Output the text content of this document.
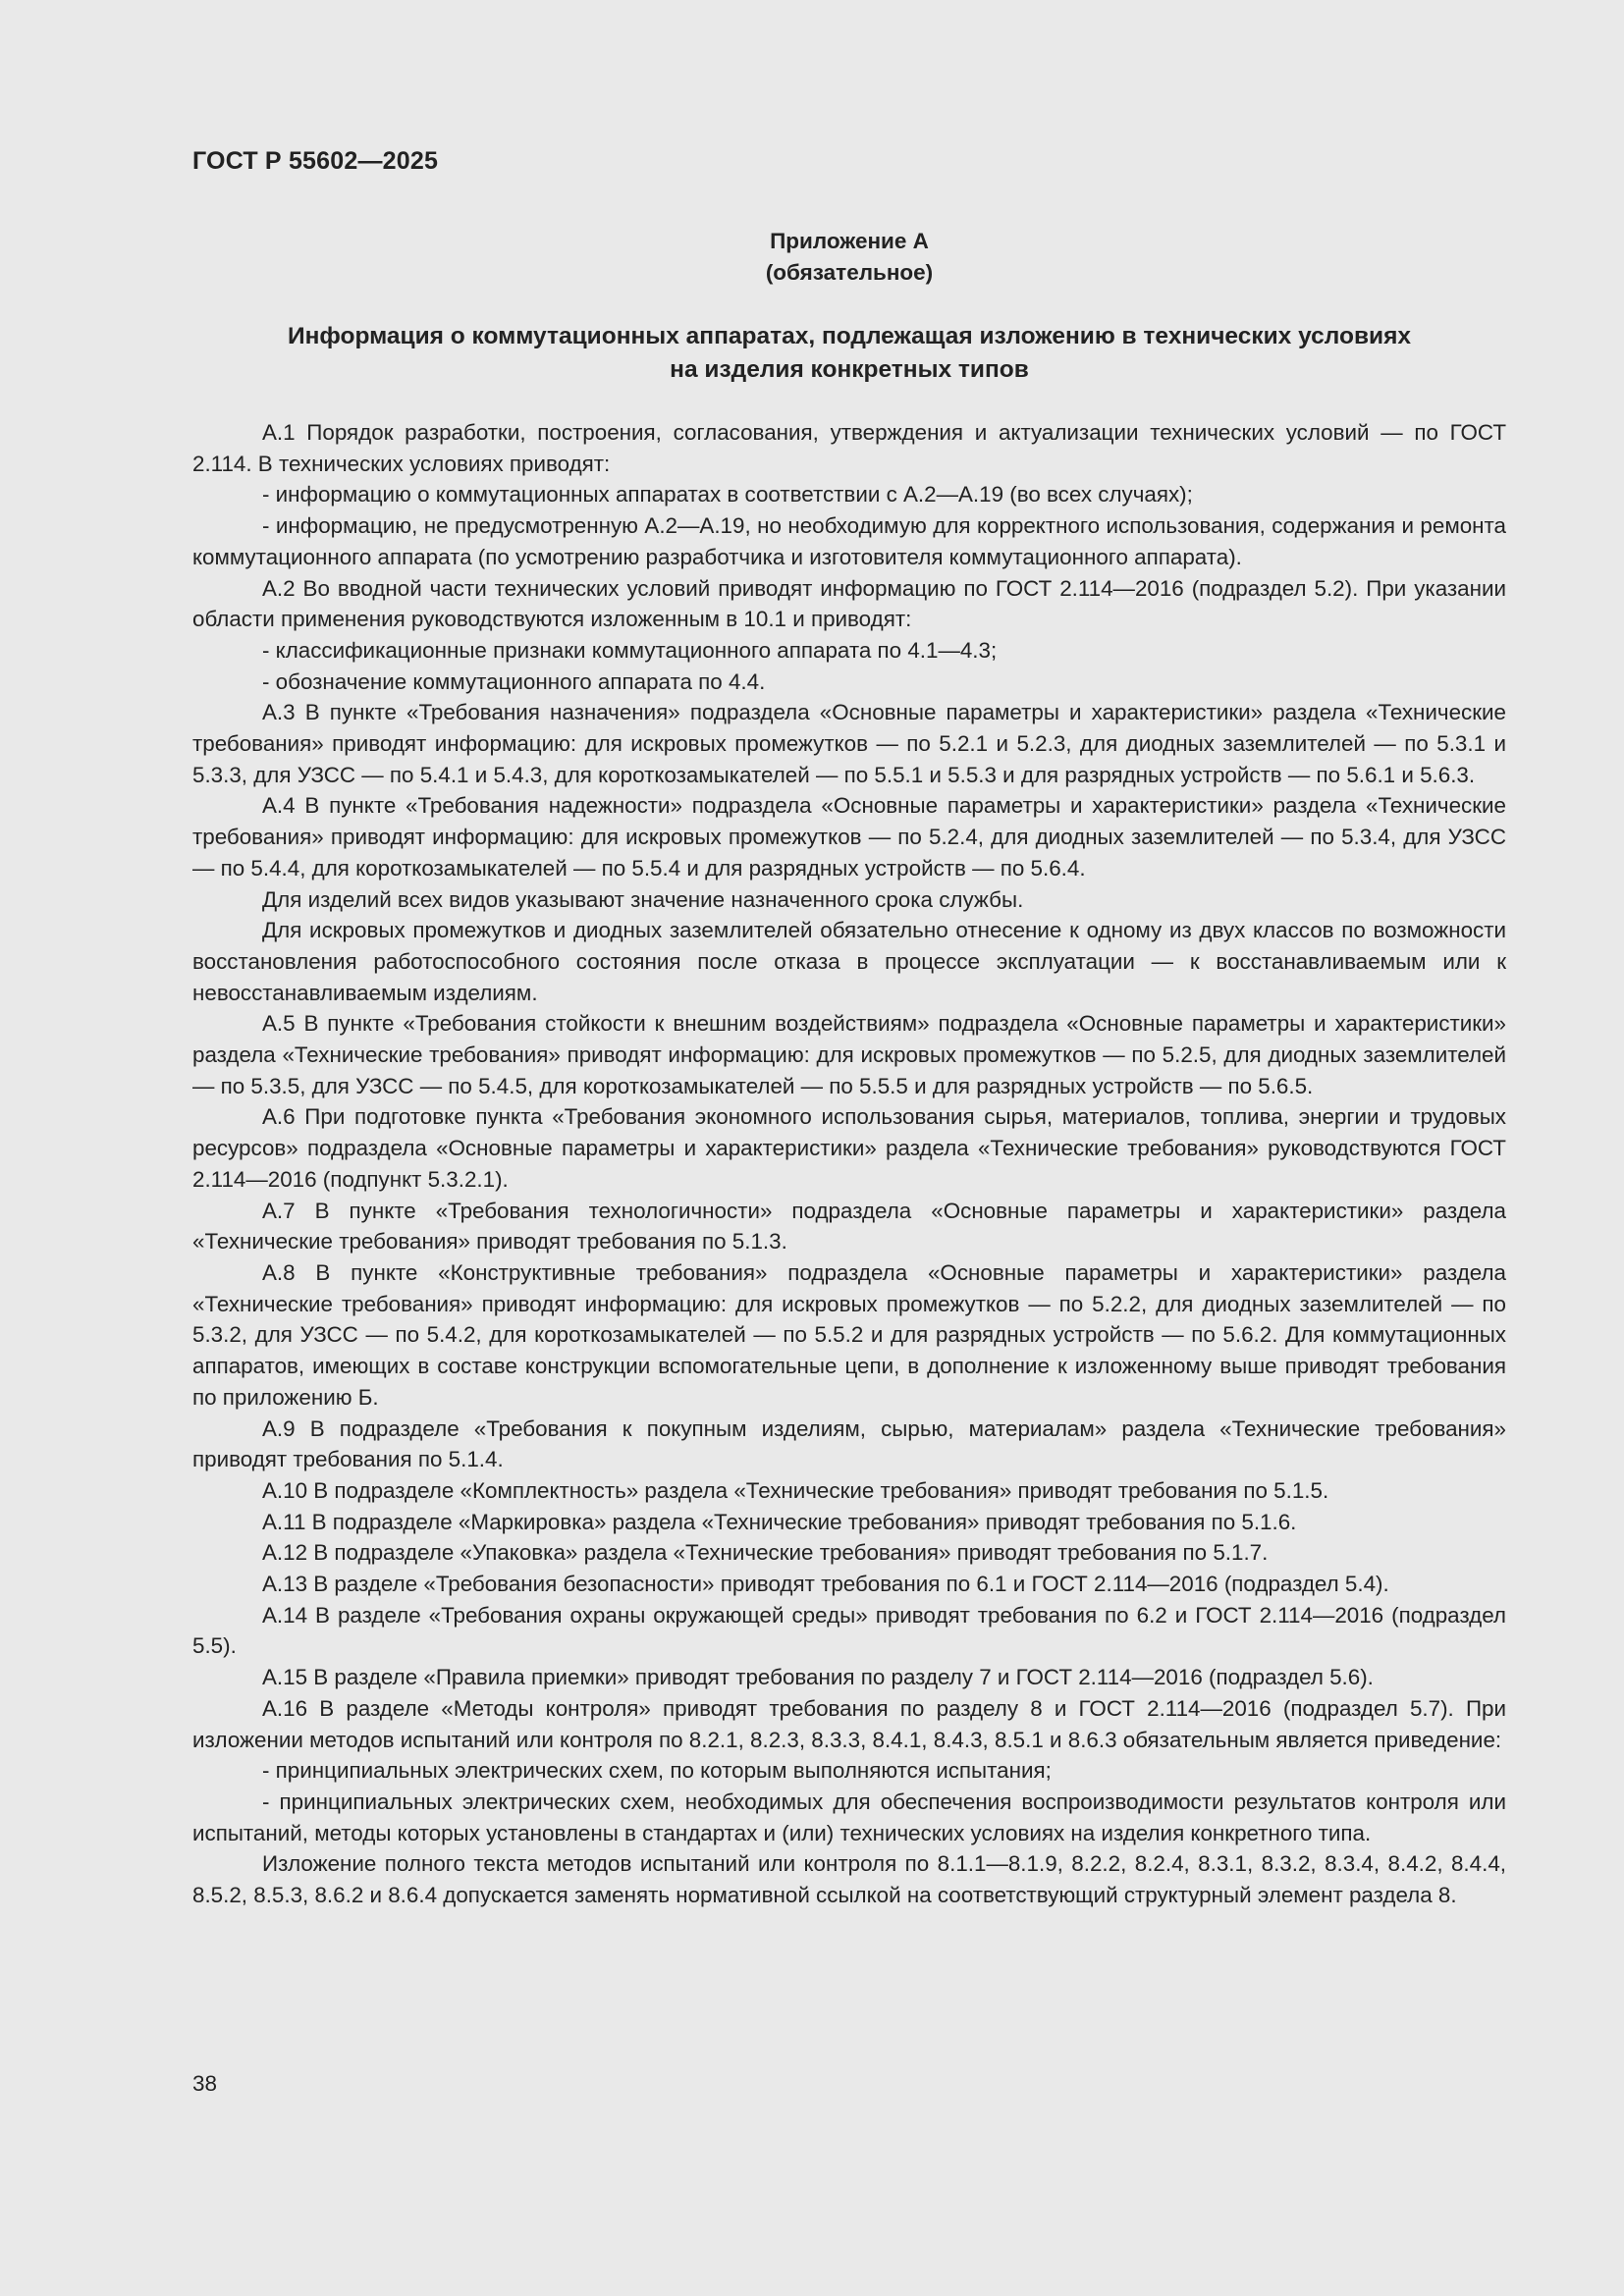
ГОСТ Р 55602—2025

Приложение А

(обязательное)

Информация о коммутационных аппаратах, подлежащая изложению в технических условиях
на изделия конкретных типов

А.1 Порядок разработки, построения, согласования, утверждения и актуализации технических условий — по ГОСТ 2.114. В технических условиях приводят:

- информацию о коммутационных аппаратах в соответствии с А.2—А.19 (во всех случаях);

- информацию, не предусмотренную А.2—А.19, но необходимую для корректного использования, содержания и ремонта коммутационного аппарата (по усмотрению разработчика и изготовителя коммутационного аппарата).

А.2 Во вводной части технических условий приводят информацию по ГОСТ 2.114—2016 (подраздел 5.2). При указании области применения руководствуются изложенным в 10.1 и приводят:

- классификационные признаки коммутационного аппарата по 4.1—4.3;

- обозначение коммутационного аппарата по 4.4.

А.3 В пункте «Требования назначения» подраздела «Основные параметры и характеристики» раздела «Технические требования» приводят информацию: для искровых промежутков — по 5.2.1 и 5.2.3, для диодных заземлителей — по 5.3.1 и 5.3.3, для УЗСС — по 5.4.1 и 5.4.3, для короткозамыкателей — по 5.5.1 и 5.5.3 и для разрядных устройств — по 5.6.1 и 5.6.3.

А.4 В пункте «Требования надежности» подраздела «Основные параметры и характеристики» раздела «Технические требования» приводят информацию: для искровых промежутков — по 5.2.4, для диодных заземлителей — по 5.3.4, для УЗСС — по 5.4.4, для короткозамыкателей — по 5.5.4 и для разрядных устройств — по 5.6.4.

Для изделий всех видов указывают значение назначенного срока службы.

Для искровых промежутков и диодных заземлителей обязательно отнесение к одному из двух классов по возможности восстановления работоспособного состояния после отказа в процессе эксплуатации — к восстанавливаемым или к невосстанавливаемым изделиям.

А.5 В пункте «Требования стойкости к внешним воздействиям» подраздела «Основные параметры и характеристики» раздела «Технические требования» приводят информацию: для искровых промежутков — по 5.2.5, для диодных заземлителей — по 5.3.5, для УЗСС — по 5.4.5, для короткозамыкателей — по 5.5.5 и для разрядных устройств — по 5.6.5.

А.6 При подготовке пункта «Требования экономного использования сырья, материалов, топлива, энергии и трудовых ресурсов» подраздела «Основные параметры и характеристики» раздела «Технические требования» руководствуются ГОСТ 2.114—2016 (подпункт 5.3.2.1).

А.7 В пункте «Требования технологичности» подраздела «Основные параметры и характеристики» раздела «Технические требования» приводят требования по 5.1.3.

А.8 В пункте «Конструктивные требования» подраздела «Основные параметры и характеристики» раздела «Технические требования» приводят информацию: для искровых промежутков — по 5.2.2, для диодных заземлителей — по 5.3.2, для УЗСС — по 5.4.2, для короткозамыкателей — по 5.5.2 и для разрядных устройств — по 5.6.2. Для коммутационных аппаратов, имеющих в составе конструкции вспомогательные цепи, в дополнение к изложенному выше приводят требования по приложению Б.

А.9 В подразделе «Требования к покупным изделиям, сырью, материалам» раздела «Технические требования» приводят требования по 5.1.4.

А.10 В подразделе «Комплектность» раздела «Технические требования» приводят требования по 5.1.5.

А.11 В подразделе «Маркировка» раздела «Технические требования» приводят требования по 5.1.6.

А.12 В подразделе «Упаковка» раздела «Технические требования» приводят требования по 5.1.7.

А.13 В разделе «Требования безопасности» приводят требования по 6.1 и ГОСТ 2.114—2016 (подраздел 5.4).

А.14 В разделе «Требования охраны окружающей среды» приводят требования по 6.2 и ГОСТ 2.114—2016 (подраздел 5.5).

А.15 В разделе «Правила приемки» приводят требования по разделу 7 и ГОСТ 2.114—2016 (подраздел 5.6).

А.16 В разделе «Методы контроля» приводят требования по разделу 8 и ГОСТ 2.114—2016 (подраздел 5.7). При изложении методов испытаний или контроля по 8.2.1, 8.2.3, 8.3.3, 8.4.1, 8.4.3, 8.5.1 и 8.6.3 обязательным является приведение:

- принципиальных электрических схем, по которым выполняются испытания;

- принципиальных электрических схем, необходимых для обеспечения воспроизводимости результатов контроля или испытаний, методы которых установлены в стандартах и (или) технических условиях на изделия конкретного типа.

Изложение полного текста методов испытаний или контроля по 8.1.1—8.1.9, 8.2.2, 8.2.4, 8.3.1, 8.3.2, 8.3.4, 8.4.2, 8.4.4, 8.5.2, 8.5.3, 8.6.2 и 8.6.4 допускается заменять нормативной ссылкой на соответствующий структурный элемент раздела 8.

38
